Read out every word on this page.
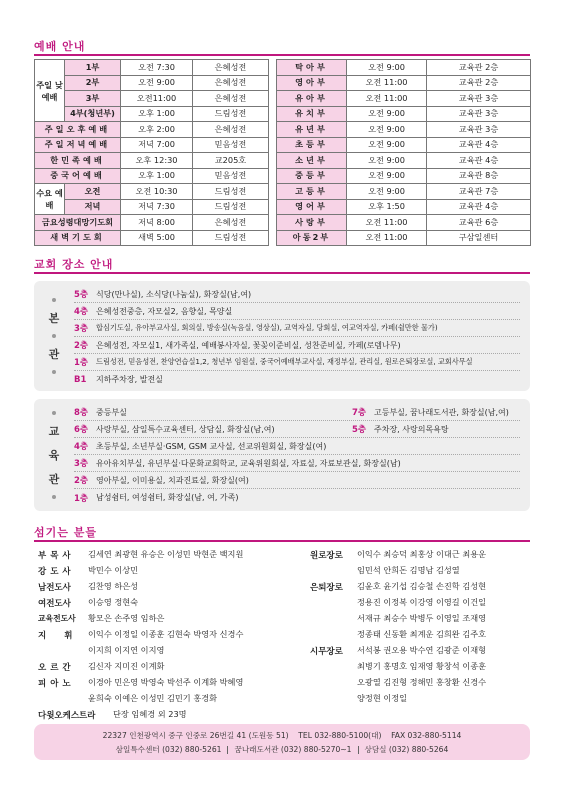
예배 안내
주일 낮예배	1부	오전 7:30	은혜성전		탁아부	오전 9:00	교육관 2층
	2부	오전 9:00	은혜성전		영아부	오전 11:00	교육관 2층
	3부	오전11:00	은혜성전		유아부	오전 11:00	교육관 3층
	4부(청년부)	오후 1:00	드림성전		유치부	오전 9:00	교육관 3층
주일오후예배		오후 2:00	은혜성전		유년부	오전 9:00	교육관 3층
주일저녁예배		저녁 7:00	믿음성전		초등부	오전 9:00	교육관 4층
한민족예배		오후 12:30	교205호		소년부	오전 9:00	교육관 4층
중국어예배		오후 1:00	믿음성전		중등부	오전 9:00	교육관 8층
수요 예배	오전	오전 10:30	드림성전		고등부	오전 9:00	교육관 7층
	저녁	저녁 7:30	드림성전		영어부	오후 1:50	교육관 4층
금요성령대망기도회		저녁 8:00	은혜성전		사랑부	오전 11:00	교육관 6층
새벽기도회		새벽 5:00	드림성전		아동2부	오전 11:00	구삼일센터
교회 장소 안내
본
관
5층 식당(만나실), 소식당(나눔실), 화장실(남,여)
4층 은혜성전중층, 자모실2, 음향실, 목양실
3층	합심기도실, 유아부교사실, 회의실, 방송실(녹음실, 영상실), 교역자실, 당회실, 여교역자실, 카페(쉴만한 물가)
2층 은혜성전, 자모실1, 새가족실, 예배봉사자실, 꽃꽂이준비실, 성찬준비실, 카페(로뎀나무)
1층	드림성전, 믿음성전, 찬양연습실1,2, 청년부 임원실, 중국어예배부교사실, 재정부실, 관리실, 원로은퇴장로실, 교회사무실
B1	지하주차장, 발전실
교
육
관
8층 중등부실	7층 고등부실, 꿈나래도서관, 화장실(남,여)
6층 사랑부실, 삼일특수교육센터, 상담실, 화장실(남,여)	5층 주차장, 사랑의목욕탕
4층 초등부실, 소년부실·GSM, GSM 교사실, 선교위원회실, 화장실(여)
3층 유아유치부실, 유년부실·다문화교회학교, 교육위원회실, 자료실, 자료보관실, 화장실(남)
2층 영아부실, 이미용실, 치과진료실, 화장실(여)
1층 남성쉼터, 여성쉼터, 화장실(남, 여, 가족)
섬기는 분들
부목사 김세연 최광현 유승은 이성민 박현준 백지원
강도사 박민수 이상민
남전도사 김찬영 하은성
여전도사 이승영 정현숙
교육전도사 황모은 손주영 임하은
지휘
이익수 이정일 이종훈 김현숙 박영자 신경수
이지희 이지연 이지영
오르간 김신자 지미진 이계화
피아노 이경아 민은영 박영숙 박선주 이계화 박혜영
윤희숙 이예은 이성민 김민기 홍경화
다윗오케스트라 단장 임혜경 외 23명
원로장로 이익수 최승덕 최홍상 이대근 최용운
임민석 안희돈 김명남 김성열
은퇴장로 김윤호 윤기섭 김승철 손진학 김성현
정용진 이정복 이강영 이영길 이건일
서재규 최승수 박병두 이영일 조재영
정종태 신동환 최계운 김희완 김주호
시무장로 서석봉 권오용 박수연 김광준 이재형
최병기 홍명호 임재영 황창석 이종훈
오광열 김진형 정해민 홍창환 신경수
양정현 이정일
22327 인천광역시 중구 인중로 26번길 41 (도원동 51) TEL 032-880-5100(대) FAX 032-880-5114
삼일특수센터 (032) 880-5261 꿈나래도서관 (032) 880-5270~1 상담실 (032) 880-5264
